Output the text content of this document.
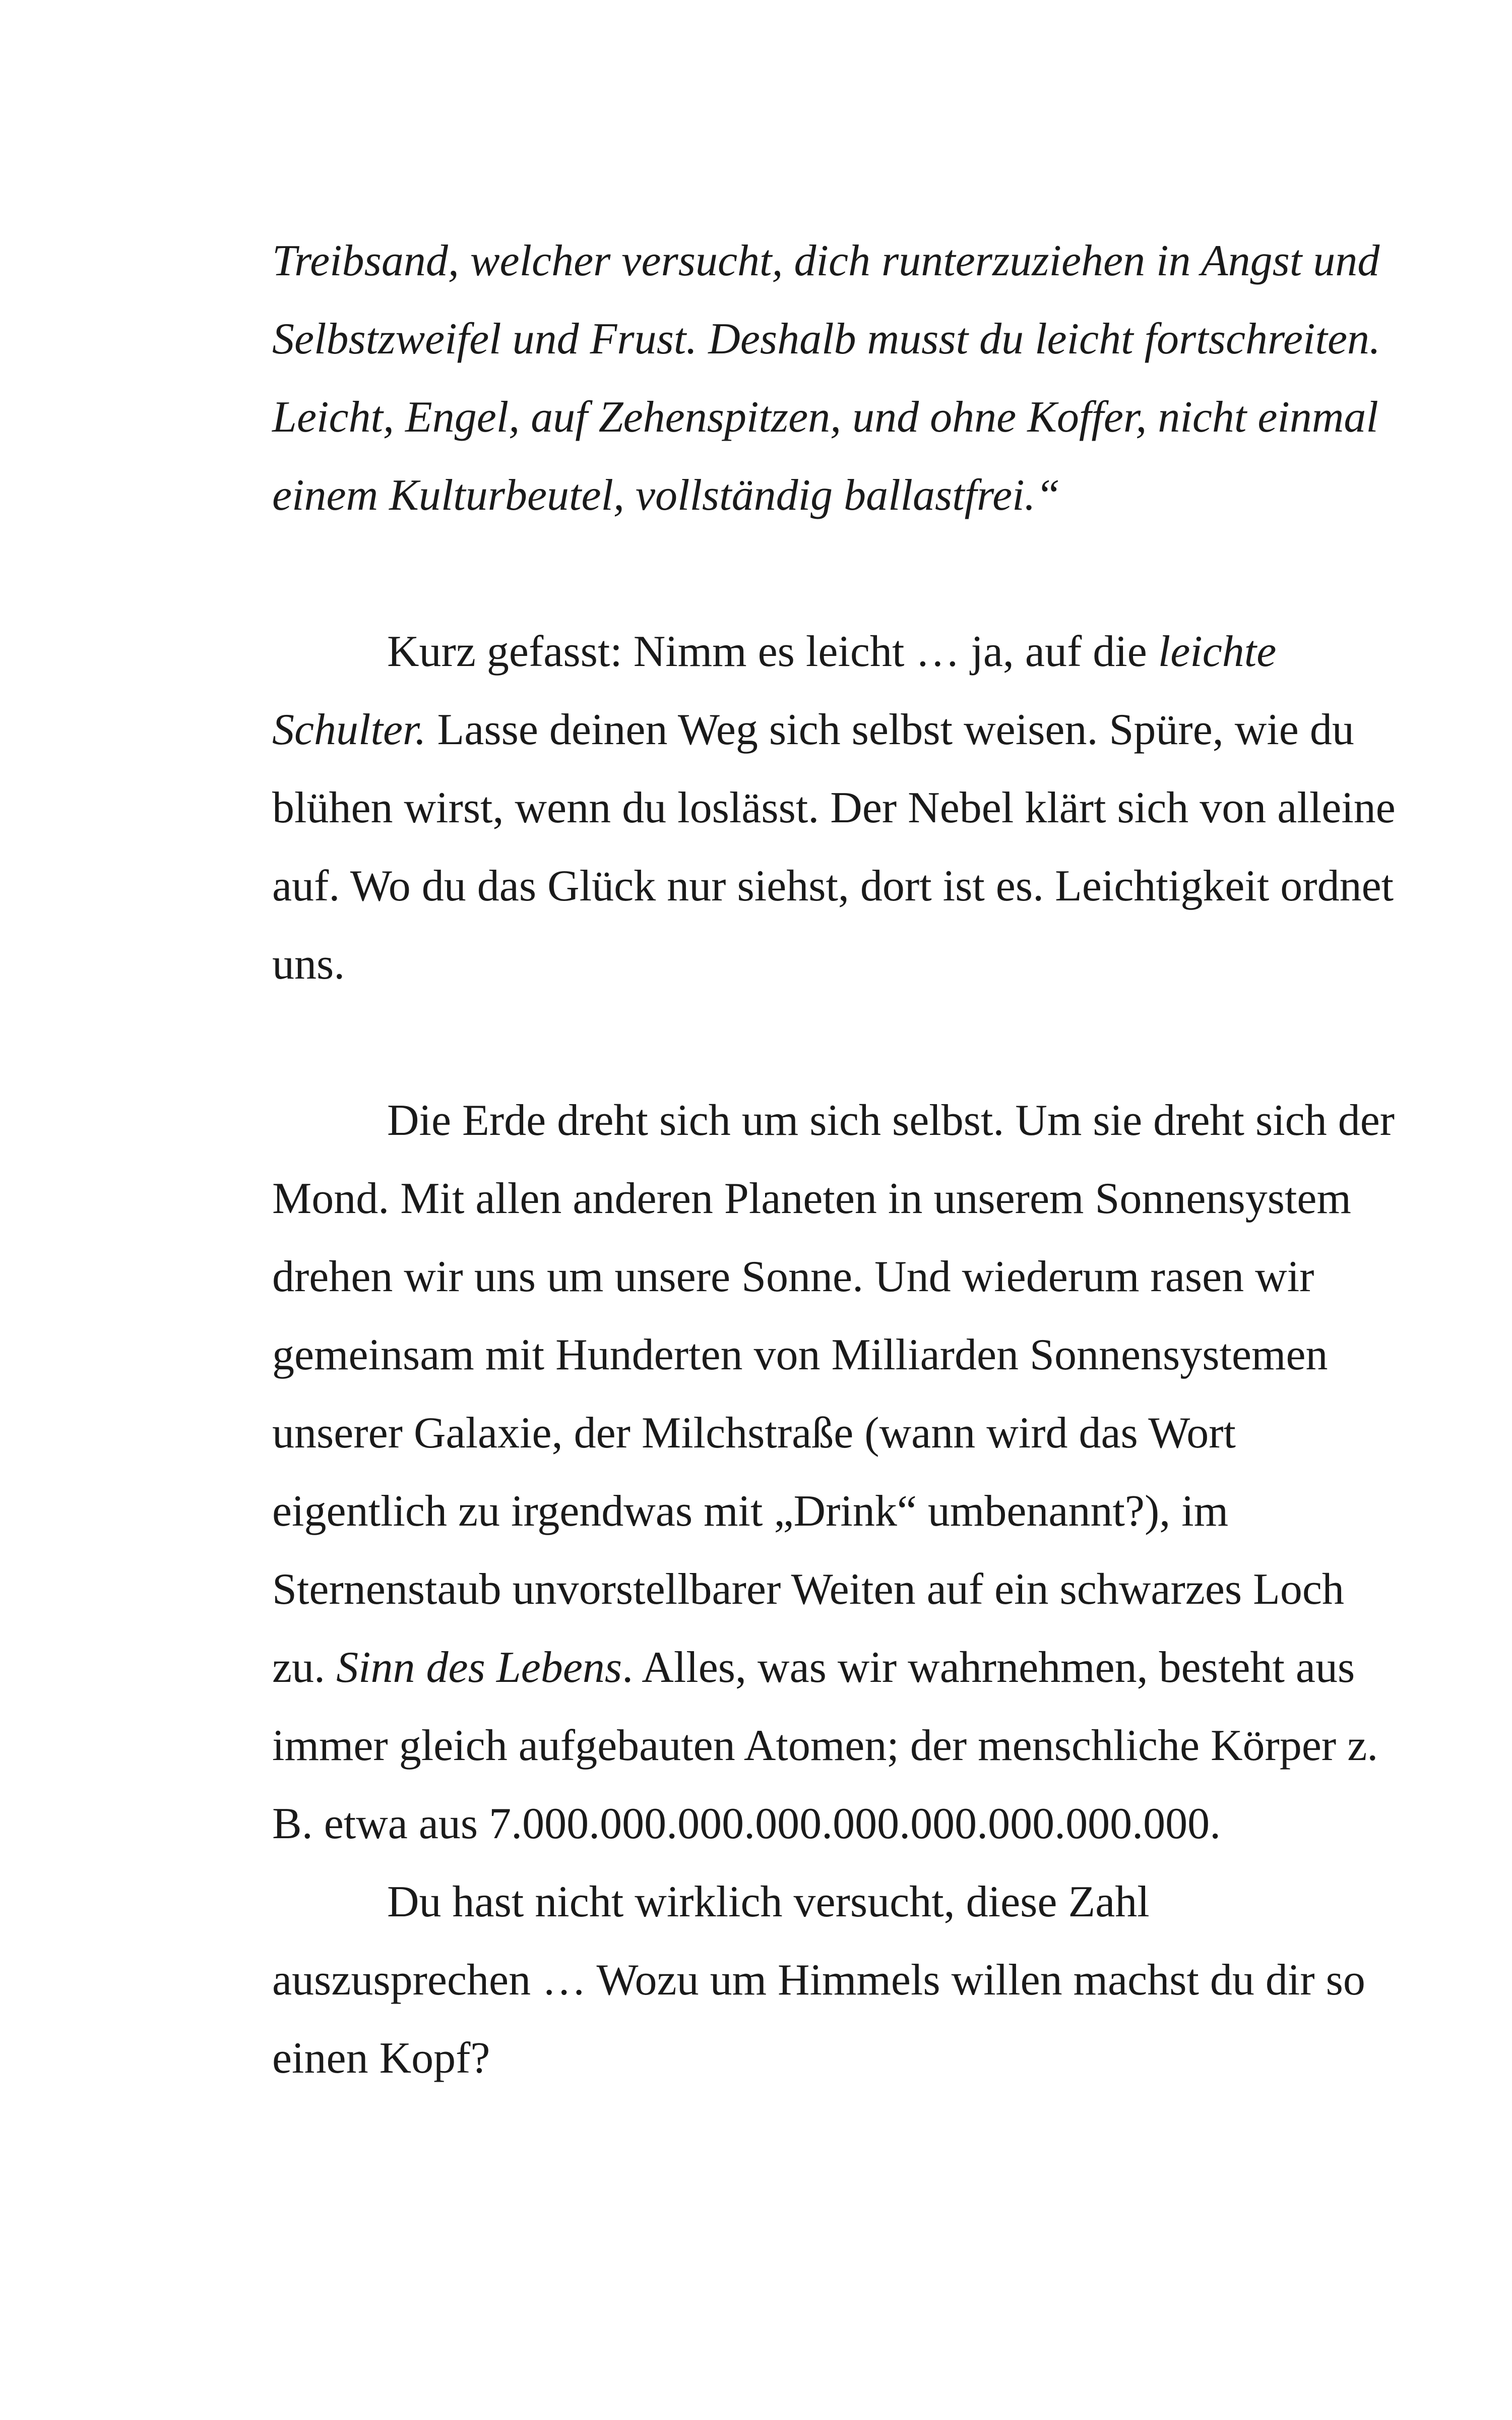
Treibsand, welcher versucht, dich runterzuziehen in Angst und Selbstzweifel und Frust. Deshalb musst du leicht fortschreiten. Leicht, Engel, auf Zehenspitzen, und ohne Koffer, nicht einmal einem Kulturbeutel, vollständig ballastfrei.“

Kurz gefasst: Nimm es leicht … ja, auf die leichte Schulter. Lasse deinen Weg sich selbst weisen. Spüre, wie du blühen wirst, wenn du loslässt. Der Nebel klärt sich von alleine auf. Wo du das Glück nur siehst, dort ist es. Leichtigkeit ordnet uns.

Die Erde dreht sich um sich selbst. Um sie dreht sich der Mond. Mit allen anderen Planeten in unserem Sonnensystem drehen wir uns um unsere Sonne. Und wiederum rasen wir gemeinsam mit Hunderten von Milliarden Sonnensystemen unserer Galaxie, der Milchstraße (wann wird das Wort eigentlich zu irgendwas mit „Drink“ umbenannt?), im Sternenstaub unvorstellbarer Weiten auf ein schwarzes Loch zu. Sinn des Lebens. Alles, was wir wahrnehmen, besteht aus immer gleich aufgebauten Atomen; der menschliche Körper z. B. etwa aus 7.000.000.000.000.000.000.000.000.000.

Du hast nicht wirklich versucht, diese Zahl auszusprechen … Wozu um Himmels willen machst du dir so einen Kopf?
